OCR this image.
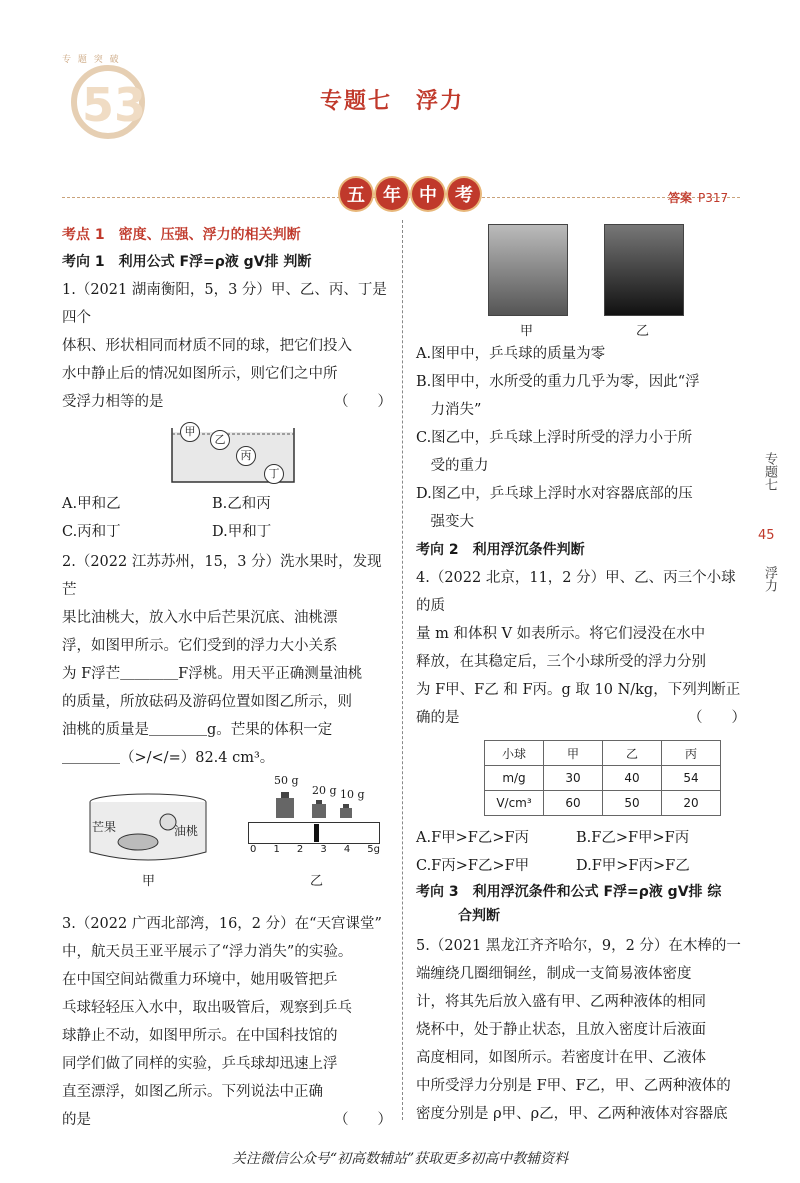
专 题 突 破
53	专题七　浮力
五	年	中	考	答案 P317
考点 1　密度、压强、浮力的相关判断
考向 1　利用公式 F浮=ρ液 gV排 判断
1.（2021 湖南衡阳，5，3 分）甲、乙、丙、丁是四个
体积、形状相同而材质不同的球，把它们投入
水中静止后的情况如图所示，则它们之中所
受浮力相等的是	（　　）
甲
乙
丙
丁
A.甲和乙	B.乙和丙
C.丙和丁	D.甲和丁
2.（2022 江苏苏州，15，3 分）洗水果时，发现芒
果比油桃大，放入水中后芒果沉底、油桃漂
浮，如图甲所示。它们受到的浮力大小关系
为 F浮芒＿＿＿＿F浮桃。用天平正确测量油桃
的质量，所放砝码及游码位置如图乙所示，则
油桃的质量是＿＿＿＿g。芒果的体积一定
＿＿＿＿（>/</=）82.4 cm³。
芒果	油桃
50 g
20 g 10 g
0 1 2 3 4 5g
甲	乙
3.（2022 广西北部湾，16，2 分）在“天宫课堂”
中，航天员王亚平展示了“浮力消失”的实验。
在中国空间站微重力环境中，她用吸管把乒
乓球轻轻压入水中，取出吸管后，观察到乒乓
球静止不动，如图甲所示。在中国科技馆的
同学们做了同样的实验，乒乓球却迅速上浮
直至漂浮，如图乙所示。下列说法中正确
的是	（　　）
甲	乙
A.图甲中，乒乓球的质量为零
B.图甲中，水所受的重力几乎为零，因此“浮
　力消失”
C.图乙中，乒乓球上浮时所受的浮力小于所
　受的重力
D.图乙中，乒乓球上浮时水对容器底部的压
　强变大
考向 2　利用浮沉条件判断
4.（2022 北京，11，2 分）甲、乙、丙三个小球的质
量 m 和体积 V 如表所示。将它们浸没在水中
释放，在其稳定后，三个小球所受的浮力分别
为 F甲、F乙 和 F丙。g 取 10 N/kg，下列判断正
确的是	（　　）
小球	甲	乙	丙
m/g	30	40	54
V/cm³	60	50	20
A.F甲>F乙>F丙	B.F乙>F甲>F丙
C.F丙>F乙>F甲	D.F甲>F丙>F乙
考向 3　利用浮沉条件和公式 F浮=ρ液 gV排 综
　　　合判断
5.（2021 黑龙江齐齐哈尔，9，2 分）在木棒的一
端缠绕几圈细铜丝，制成一支简易液体密度
计，将其先后放入盛有甲、乙两种液体的相同
烧杯中，处于静止状态，且放入密度计后液面
高度相同，如图所示。若密度计在甲、乙液体
中所受浮力分别是 F甲、F乙，甲、乙两种液体的
密度分别是 ρ甲、ρ乙，甲、乙两种液体对容器底
专题七
45
浮力
关注微信公众号“初高数辅站”获取更多初高中教辅资料
